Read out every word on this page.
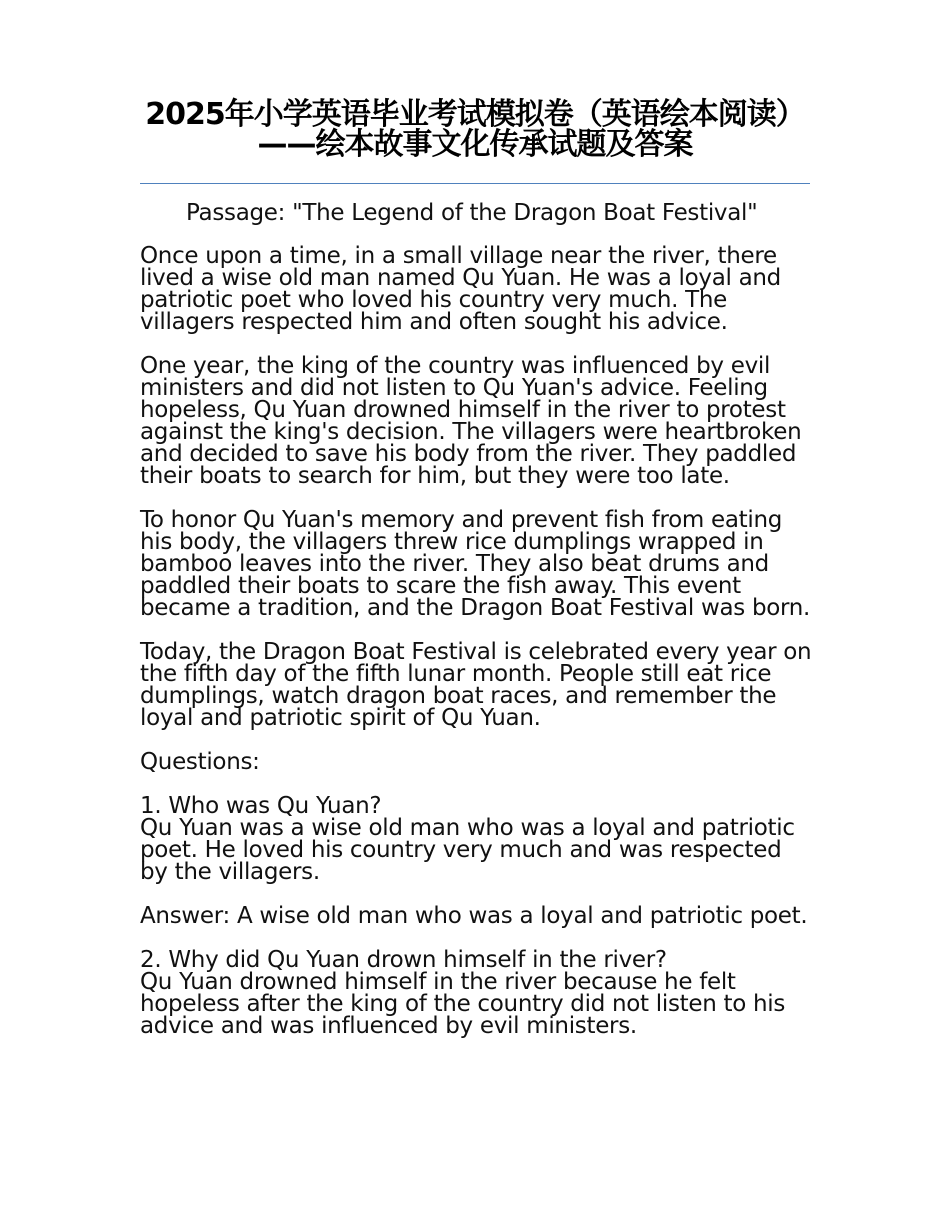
2025年小学英语毕业考试模拟卷（英语绘本阅读）——绘本故事文化传承试题及答案

Passage: "The Legend of the Dragon Boat Festival"

Once upon a time, in a small village near the river, there lived a wise old man named Qu Yuan. He was a loyal and patriotic poet who loved his country very much. The villagers respected him and often sought his advice.

One year, the king of the country was influenced by evil ministers and did not listen to Qu Yuan's advice. Feeling hopeless, Qu Yuan drowned himself in the river to protest against the king's decision. The villagers were heartbroken and decided to save his body from the river. They paddled their boats to search for him, but they were too late.

To honor Qu Yuan's memory and prevent fish from eating his body, the villagers threw rice dumplings wrapped in bamboo leaves into the river. They also beat drums and paddled their boats to scare the fish away. This event became a tradition, and the Dragon Boat Festival was born.

Today, the Dragon Boat Festival is celebrated every year on the fifth day of the fifth lunar month. People still eat rice dumplings, watch dragon boat races, and remember the loyal and patriotic spirit of Qu Yuan.

Questions:

1. Who was Qu Yuan?
Qu Yuan was a wise old man who was a loyal and patriotic poet. He loved his country very much and was respected by the villagers.

Answer: A wise old man who was a loyal and patriotic poet.

2. Why did Qu Yuan drown himself in the river?
Qu Yuan drowned himself in the river because he felt hopeless after the king of the country did not listen to his advice and was influenced by evil ministers.
